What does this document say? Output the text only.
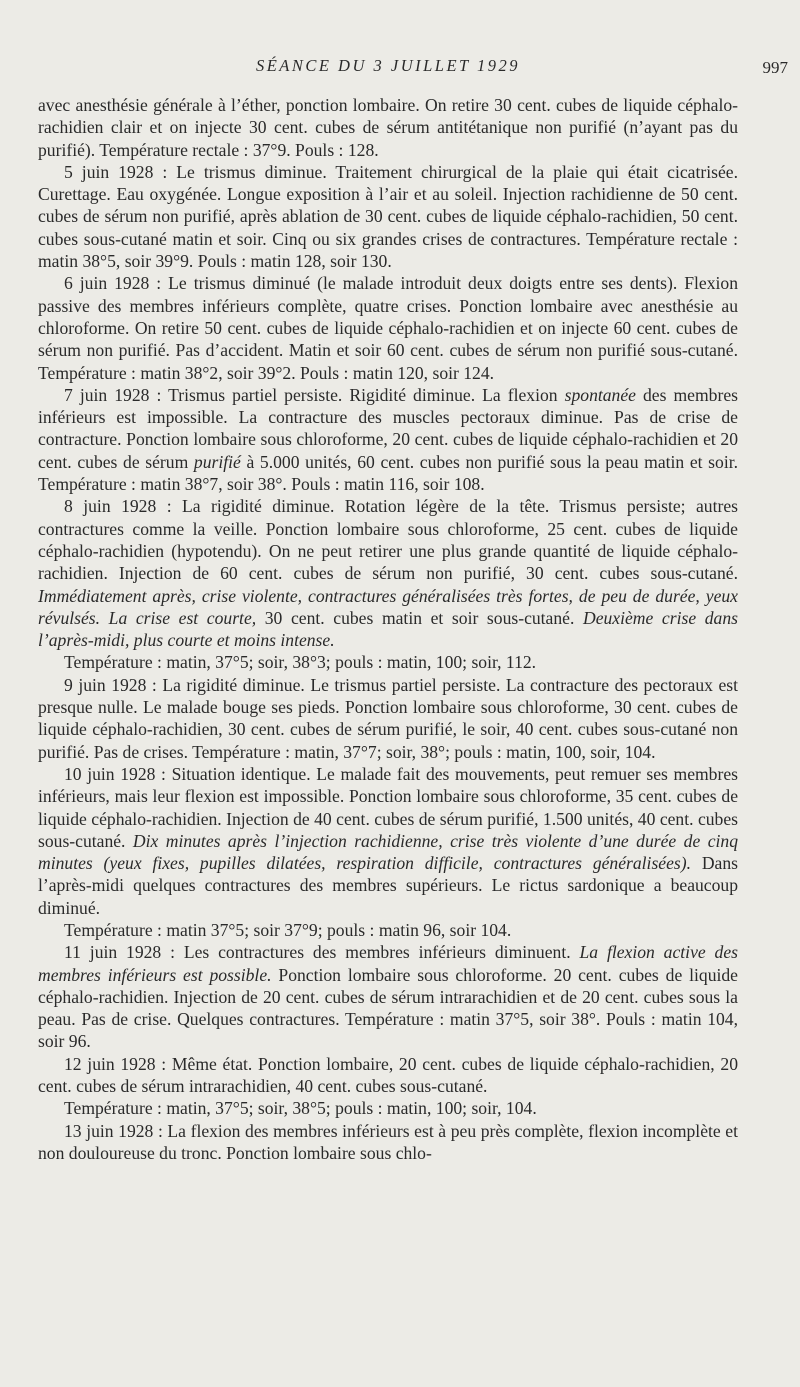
SÉANCE DU 3 JUILLET 1929	997

avec anesthésie générale à l’éther, ponction lombaire. On retire 30 cent. cubes de liquide céphalo-rachidien clair et on injecte 30 cent. cubes de sérum antitétanique non purifié (n’ayant pas du purifié). Température rectale : 37°9. Pouls : 128.

5 juin 1928 : Le trismus diminue. Traitement chirurgical de la plaie qui était cicatrisée. Curettage. Eau oxygénée. Longue exposition à l’air et au soleil. Injection rachidienne de 50 cent. cubes de sérum non purifié, après ablation de 30 cent. cubes de liquide céphalo-rachidien, 50 cent. cubes sous-cutané matin et soir. Cinq ou six grandes crises de contractures. Température rectale : matin 38°5, soir 39°9. Pouls : matin 128, soir 130.

6 juin 1928 : Le trismus diminué (le malade introduit deux doigts entre ses dents). Flexion passive des membres inférieurs complète, quatre crises. Ponction lombaire avec anesthésie au chloroforme. On retire 50 cent. cubes de liquide céphalo-rachidien et on injecte 60 cent. cubes de sérum non purifié. Pas d’accident. Matin et soir 60 cent. cubes de sérum non purifié sous-cutané. Température : matin 38°2, soir 39°2. Pouls : matin 120, soir 124.

7 juin 1928 : Trismus partiel persiste. Rigidité diminue. La flexion spontanée des membres inférieurs est impossible. La contracture des muscles pectoraux diminue. Pas de crise de contracture. Ponction lombaire sous chloroforme, 20 cent. cubes de liquide céphalo-rachidien et 20 cent. cubes de sérum purifié à 5.000 unités, 60 cent. cubes non purifié sous la peau matin et soir. Température : matin 38°7, soir 38°. Pouls : matin 116, soir 108.

8 juin 1928 : La rigidité diminue. Rotation légère de la tête. Trismus persiste; autres contractures comme la veille. Ponction lombaire sous chloroforme, 25 cent. cubes de liquide céphalo-rachidien (hypotendu). On ne peut retirer une plus grande quantité de liquide céphalo-rachidien. Injection de 60 cent. cubes de sérum non purifié, 30 cent. cubes sous-cutané. Immédiatement après, crise violente, contractures généralisées très fortes, de peu de durée, yeux révulsés. La crise est courte, 30 cent. cubes matin et soir sous-cutané. Deuxième crise dans l’après-midi, plus courte et moins intense.

Température : matin, 37°5; soir, 38°3; pouls : matin, 100; soir, 112.

9 juin 1928 : La rigidité diminue. Le trismus partiel persiste. La contracture des pectoraux est presque nulle. Le malade bouge ses pieds. Ponction lombaire sous chloroforme, 30 cent. cubes de liquide céphalo-rachidien, 30 cent. cubes de sérum purifié, le soir, 40 cent. cubes sous-cutané non purifié. Pas de crises. Température : matin, 37°7; soir, 38°; pouls : matin, 100, soir, 104.

10 juin 1928 : Situation identique. Le malade fait des mouvements, peut remuer ses membres inférieurs, mais leur flexion est impossible. Ponction lombaire sous chloroforme, 35 cent. cubes de liquide céphalo-rachidien. Injection de 40 cent. cubes de sérum purifié, 1.500 unités, 40 cent. cubes sous-cutané. Dix minutes après l’injection rachidienne, crise très violente d’une durée de cinq minutes (yeux fixes, pupilles dilatées, respiration difficile, contractures généralisées). Dans l’après-midi quelques contractures des membres supérieurs. Le rictus sardonique a beaucoup diminué.

Température : matin 37°5; soir 37°9; pouls : matin 96, soir 104.

11 juin 1928 : Les contractures des membres inférieurs diminuent. La flexion active des membres inférieurs est possible. Ponction lombaire sous chloroforme. 20 cent. cubes de liquide céphalo-rachidien. Injection de 20 cent. cubes de sérum intrarachidien et de 20 cent. cubes sous la peau. Pas de crise. Quelques contractures. Température : matin 37°5, soir 38°. Pouls : matin 104, soir 96.

12 juin 1928 : Même état. Ponction lombaire, 20 cent. cubes de liquide céphalo-rachidien, 20 cent. cubes de sérum intrarachidien, 40 cent. cubes sous-cutané.

Température : matin, 37°5; soir, 38°5; pouls : matin, 100; soir, 104.

13 juin 1928 : La flexion des membres inférieurs est à peu près complète, flexion incomplète et non douloureuse du tronc. Ponction lombaire sous chlo-
